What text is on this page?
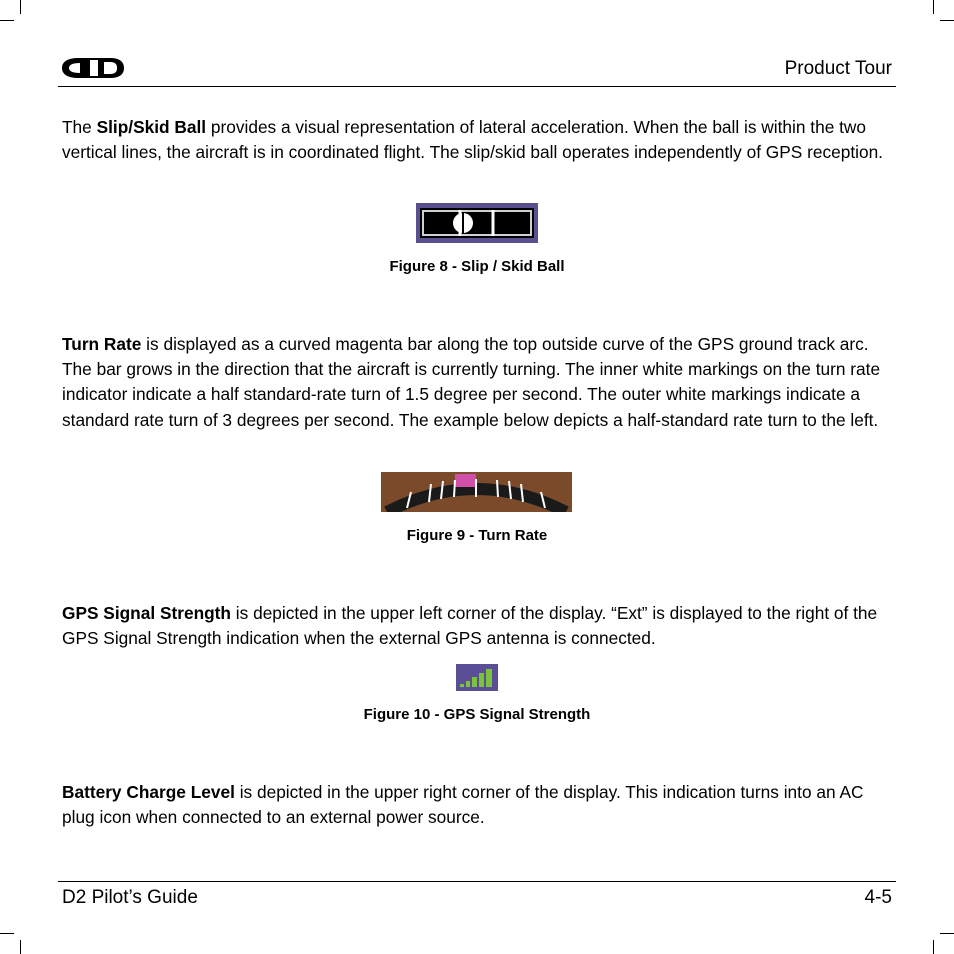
Product Tour
The Slip/Skid Ball provides a visual representation of lateral acceleration. When the ball is within the two vertical lines, the aircraft is in coordinated flight. The slip/skid ball operates independently of GPS reception.
Figure 8 - Slip / Skid Ball
Turn Rate is displayed as a curved magenta bar along the top outside curve of the GPS ground track arc. The bar grows in the direction that the aircraft is currently turning. The inner white markings on the turn rate indicator indicate a half standard-rate turn of 1.5 degree per second. The outer white markings indicate a standard rate turn of 3 degrees per second. The example below depicts a half-standard rate turn to the left.
Figure 9 - Turn Rate
GPS Signal Strength is depicted in the upper left corner of the display. “Ext” is displayed to the right of the GPS Signal Strength indication when the external GPS antenna is connected.
Figure 10 - GPS Signal Strength
Battery Charge Level is depicted in the upper right corner of the display. This indication turns into an AC plug icon when connected to an external power source.
D2 Pilot’s Guide	4-5
